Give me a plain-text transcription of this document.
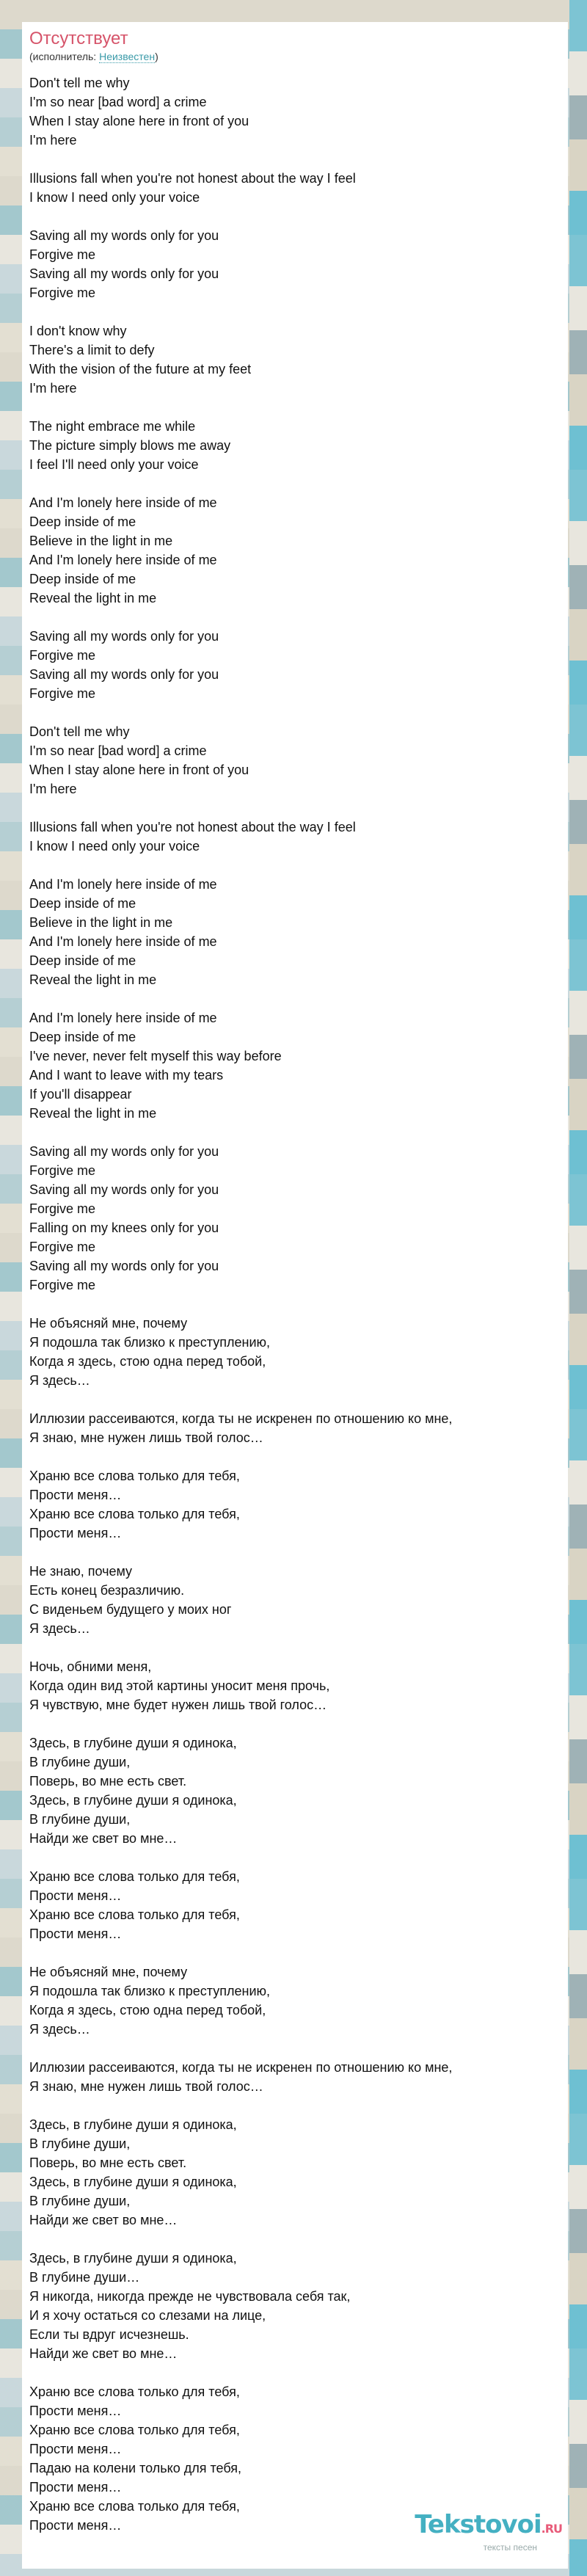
Отсутствует
(исполнитель: Неизвестен)
Don't tell me why
I'm so near [bad word] a crime
When I stay alone here in front of you
I'm here

Illusions fall when you're not honest about the way I feel
I know I need only your voice

Saving all my words only for you
Forgive me
Saving all my words only for you
Forgive me

I don't know why
There's a limit to defy
With the vision of the future at my feet
I'm here

The night embrace me while
The picture simply blows me away
I feel I'll need only your voice

And I'm lonely here inside of me
Deep inside of me
Believe in the light in me
And I'm lonely here inside of me
Deep inside of me
Reveal the light in me

Saving all my words only for you
Forgive me
Saving all my words only for you
Forgive me

Don't tell me why
I'm so near [bad word] a crime
When I stay alone here in front of you
I'm here

Illusions fall when you're not honest about the way I feel
I know I need only your voice

And I'm lonely here inside of me
Deep inside of me
Believe in the light in me
And I'm lonely here inside of me
Deep inside of me
Reveal the light in me

And I'm lonely here inside of me
Deep inside of me
I've never, never felt myself this way before
And I want to leave with my tears
If you'll disappear
Reveal the light in me

Saving all my words only for you
Forgive me
Saving all my words only for you
Forgive me
Falling on my knees only for you
Forgive me
Saving all my words only for you
Forgive me

Не объясняй мне, почему
Я подошла так близко к преступлению,
Когда я здесь, стою одна перед тобой,
Я здесь…

Иллюзии рассеиваются, когда ты не искренен по отношению ко мне,
Я знаю, мне нужен лишь твой голос…

Храню все слова только для тебя,
Прости меня…
Храню все слова только для тебя,
Прости меня…

Не знаю, почему
Есть конец безразличию.
С виденьем будущего у моих ног
Я здесь…

Ночь, обними меня,
Когда один вид этой картины уносит меня прочь,
Я чувствую, мне будет нужен лишь твой голос…

Здесь, в глубине души я одинока,
В глубине души,
Поверь, во мне есть свет.
Здесь, в глубине души я одинока,
В глубине души,
Найди же свет во мне…

Храню все слова только для тебя,
Прости меня…
Храню все слова только для тебя,
Прости меня…

Не объясняй мне, почему
Я подошла так близко к преступлению,
Когда я здесь, стою одна перед тобой,
Я здесь…

Иллюзии рассеиваются, когда ты не искренен по отношению ко мне,
Я знаю, мне нужен лишь твой голос…

Здесь, в глубине души я одинока,
В глубине души,
Поверь, во мне есть свет.
Здесь, в глубине души я одинока,
В глубине души,
Найди же свет во мне…

Здесь, в глубине души я одинока,
В глубине души…
Я никогда, никогда прежде не чувствовала себя так,
И я хочу остаться со слезами на лице,
Если ты вдруг исчезнешь.
Найди же свет во мне…

Храню все слова только для тебя,
Прости меня…
Храню все слова только для тебя,
Прости меня…
Падаю на колени только для тебя,
Прости меня…
Храню все слова только для тебя,
Прости меня…	Tekstovoi.RU
тексты песен
